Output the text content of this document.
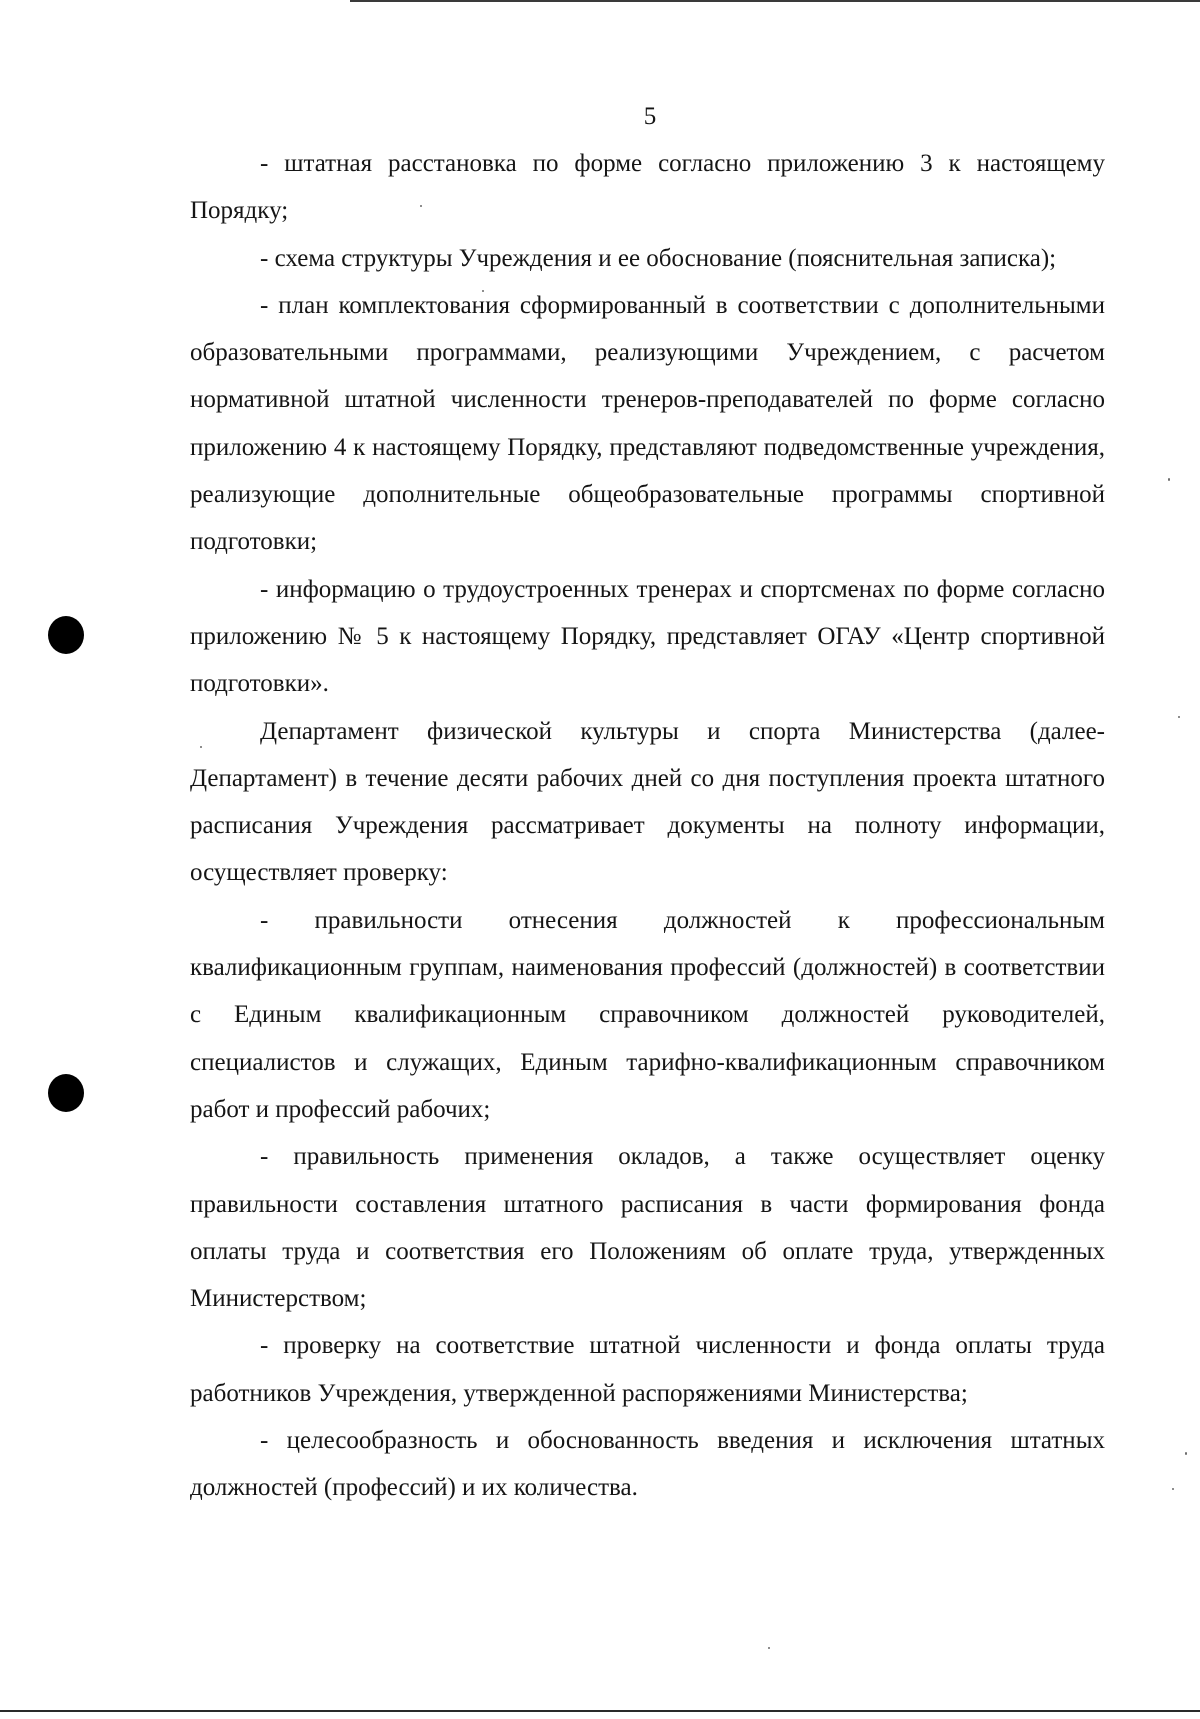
5

- штатная расстановка по форме согласно приложению 3 к настоящему Порядку;

- схема структуры Учреждения и ее обоснование (пояснительная записка);

- план комплектования сформированный в соответствии с дополнительными образовательными программами, реализующими Учреждением, с расчетом нормативной штатной численности тренеров-преподавателей по форме согласно приложению 4 к настоящему Порядку, представляют подведомственные учреждения, реализующие дополнительные общеобразовательные программы спортивной подготовки;

- информацию о трудоустроенных тренерах и спортсменах по форме согласно приложению № 5 к настоящему Порядку, представляет ОГАУ «Центр спортивной подготовки».

Департамент физической культуры и спорта Министерства (далее-Департамент) в течение десяти рабочих дней со дня поступления проекта штатного расписания Учреждения рассматривает документы на полноту информации, осуществляет проверку:

- правильности отнесения должностей к профессиональным квалификационным группам, наименования профессий (должностей) в соответствии с Единым квалификационным справочником должностей руководителей, специалистов и служащих, Единым тарифно-квалификационным справочником работ и профессий рабочих;

- правильность применения окладов, а также осуществляет оценку правильности составления штатного расписания в части формирования фонда оплаты труда и соответствия его Положениям об оплате труда, утвержденных Министерством;

- проверку на соответствие штатной численности и фонда оплаты труда работников Учреждения, утвержденной распоряжениями Министерства;

- целесообразность и обоснованность введения и исключения штатных должностей (профессий) и их количества.
